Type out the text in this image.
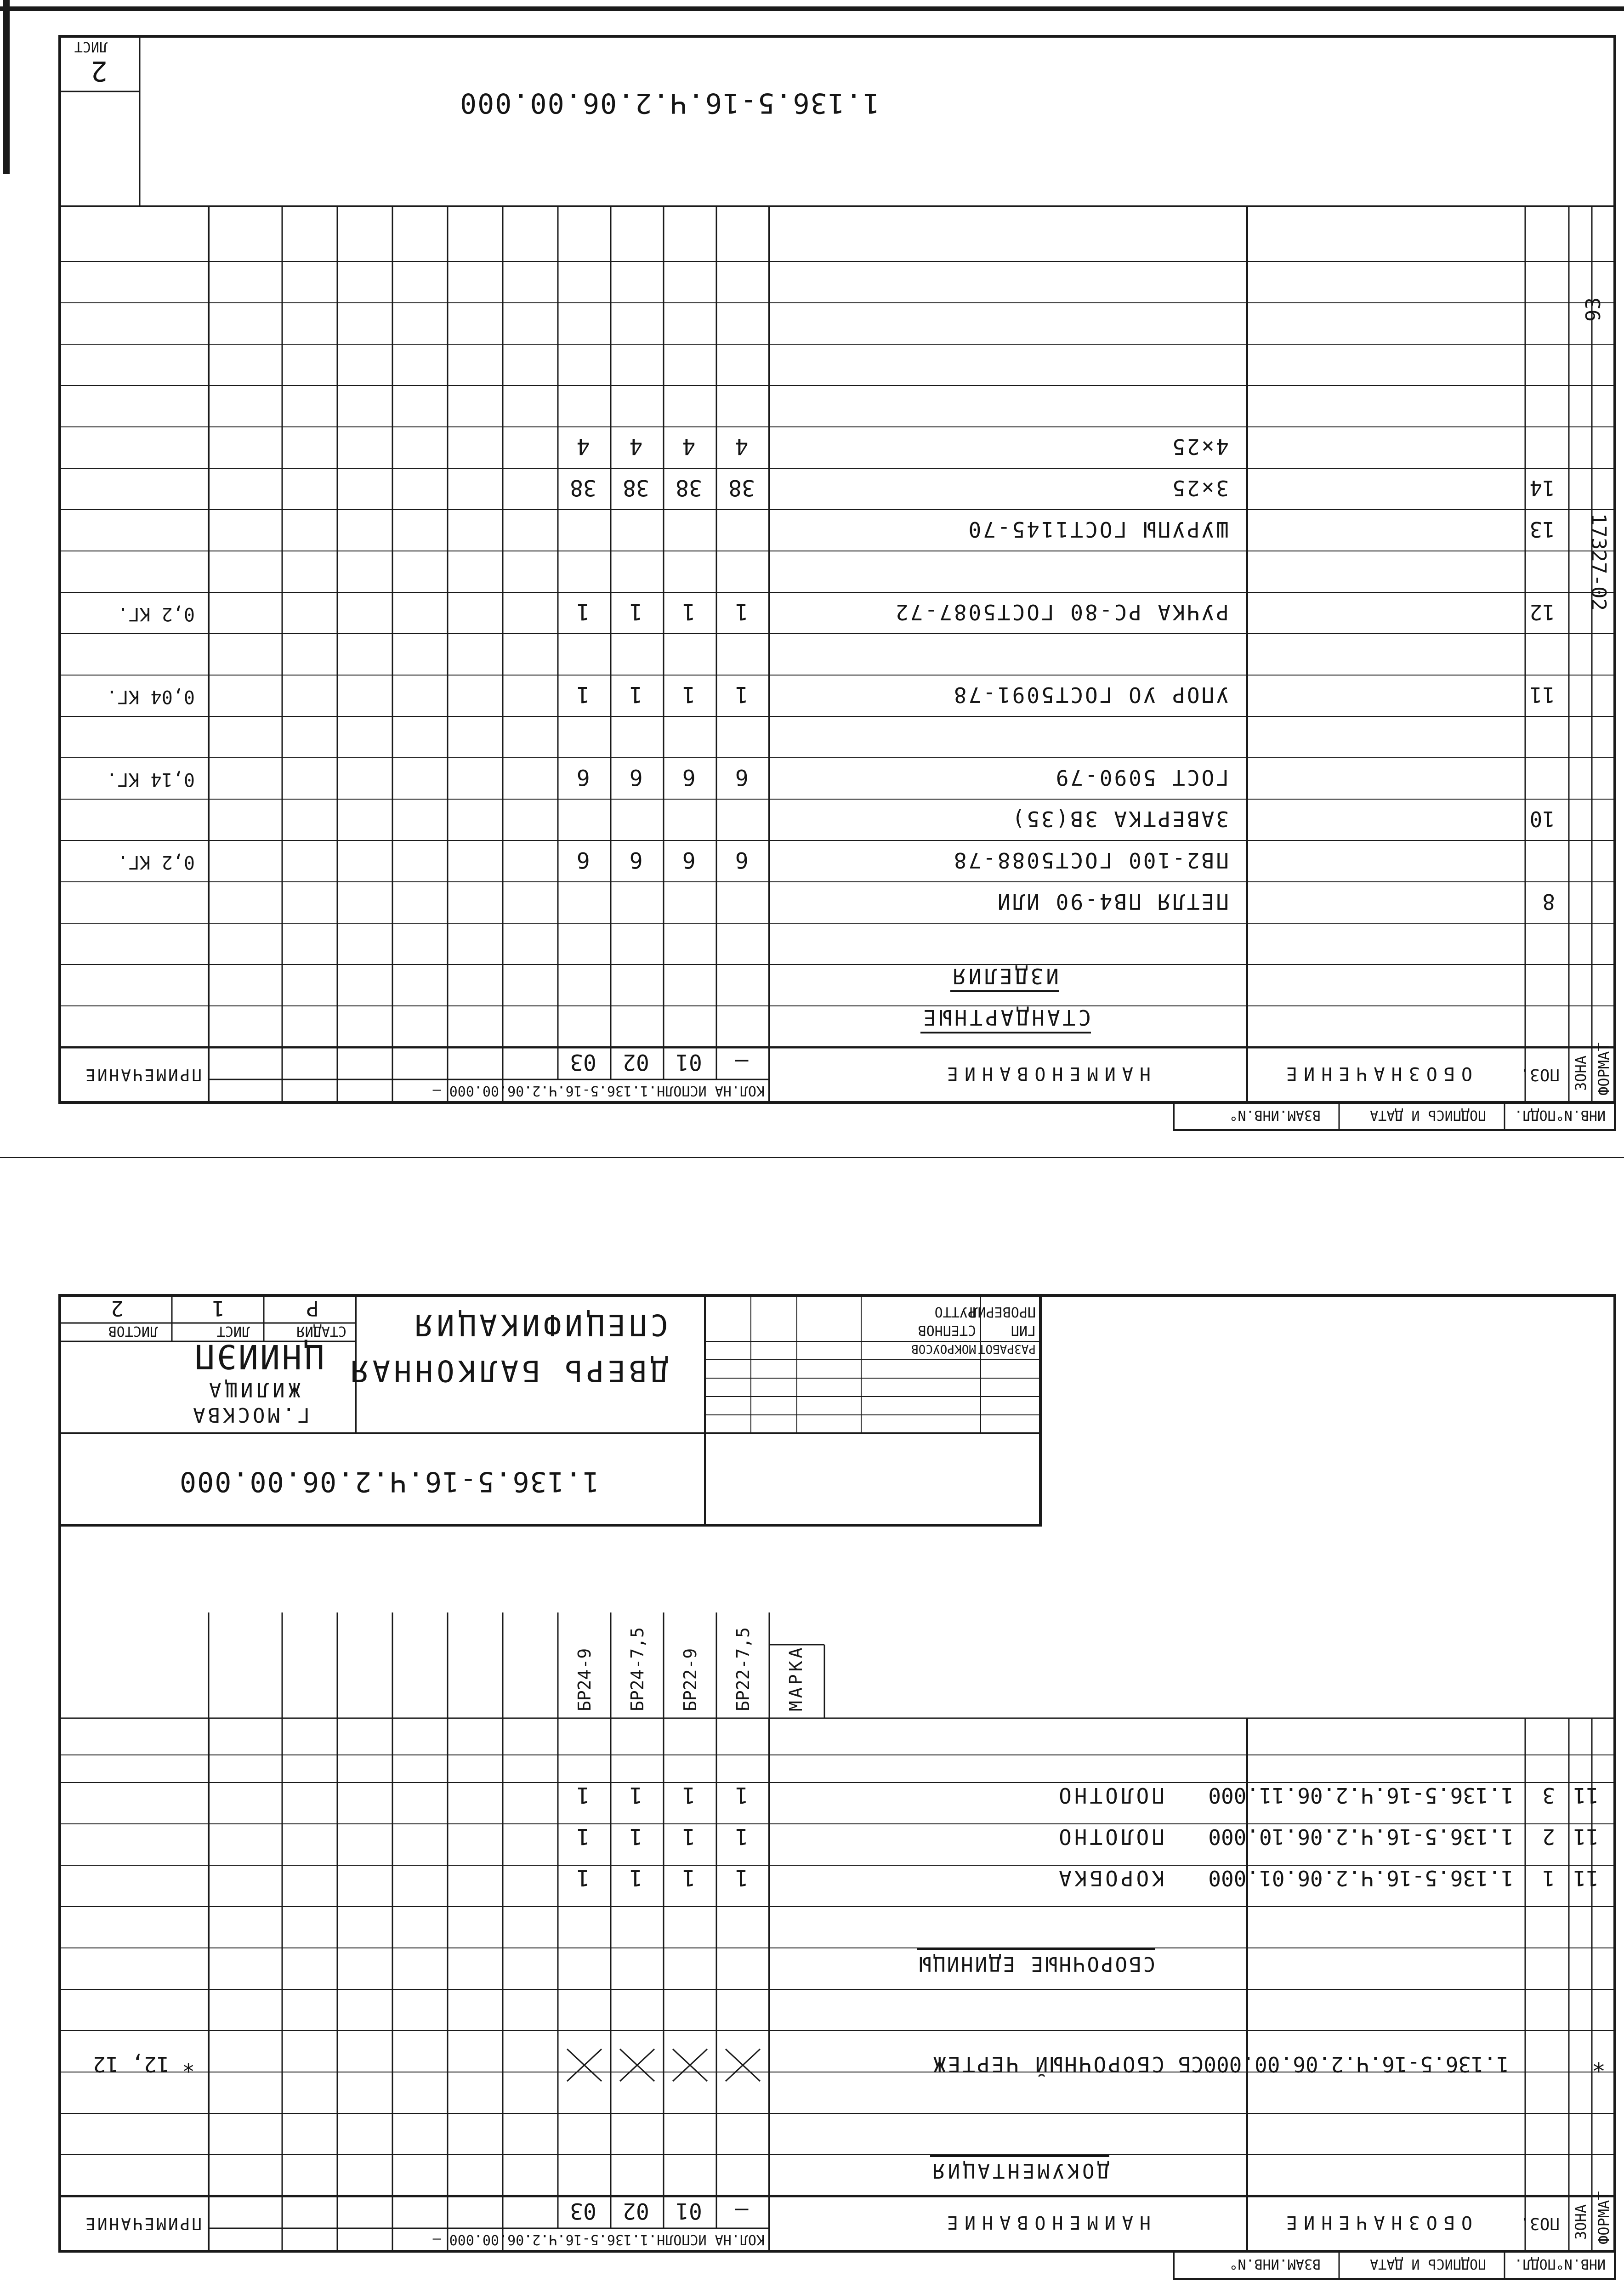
ИНВ.N°ПОДЛ.
ПОДПИСЬ И ДАТА
ВЗАМ.ИНВ.N°
ФОРМАТ
ЗОНА
ПОЗ.
ОБОЗНАЧЕНИЕ
НАИМЕНОВАНИЕ
КОЛ.НА ИСПОЛН.1.136.5-16.Ч.2.06.00.000 –
–
01
02
03
ПРИМЕЧАНИЕ
ДОКУМЕНТАЦИЯ
*
1.136.5-16.Ч.2.06.00.000СБ
СБОРОЧНЫЙ ЧЕРТЕЖ
* 12, 12
СБОРОЧНЫЕ ЕДИНИЦЫ
11
1
1.136.5-16.Ч.2.06.01.000
КОРОБКА
1
1
1
1
11
2
1.136.5-16.Ч.2.06.10.000
ПОЛОТНО
1
1
1
1
11
3
1.136.5-16.Ч.2.06.11.000
ПОЛОТНО
1
1
1
1
МАРКА
БР22-7,5
БР22-9
БР24-7,5
БР24-9
1.136.5-16.Ч.2.06.00.000
ДВЕРЬ БАЛКОННАЯ
СПЕЦИФИКАЦИЯ	ГИП
СТЕПНОВ
ПРОВЕРИЛ
РУТТО
РАЗРАБОТ.
МОКРОУСОВ
СТАДИЯ
ЛИСТ
ЛИСТОВ
Р
1
2
Г.МОСКВА
ЖИЛИЩА
ЦНИИЭП
ИНВ.N°ПОДЛ.
ПОДПИСЬ И ДАТА
ВЗАМ.ИНВ.N°
ФОРМАТ
ЗОНА
ПОЗ.
ОБОЗНАЧЕНИЕ
НАИМЕНОВАНИЕ
КОЛ.НА ИСПОЛН.1.136.5-16.Ч.2.06.00.000 –
–
01
02
03
ПРИМЕЧАНИЕ
СТАНДАРТНЫЕ
ИЗДЕЛИЯ
8
ПЕТЛЯ ПВ4-90 ИЛИ
ПВ2-100 ГОСТ5088-78
6
6
6
6
0,2 КГ.
10
ЗАВЕРТКА 3В(35)
ГОСТ 5090-79
6
6
6
6
0,14 КГ.
11
УПОР УО ГОСТ5091-78
1
1
1
1
0,04 КГ.
12
РУЧКА РС-80 ГОСТ5087-72
1
1
1
1
0,2 КГ.
13
ШУРУПЫ ГОСТ1145-70
14
3×25
38
38
38
38
4×25
4
4
4
4
1.136.5-16.Ч.2.06.00.000
ЛИСТ
2
17327-02
93
